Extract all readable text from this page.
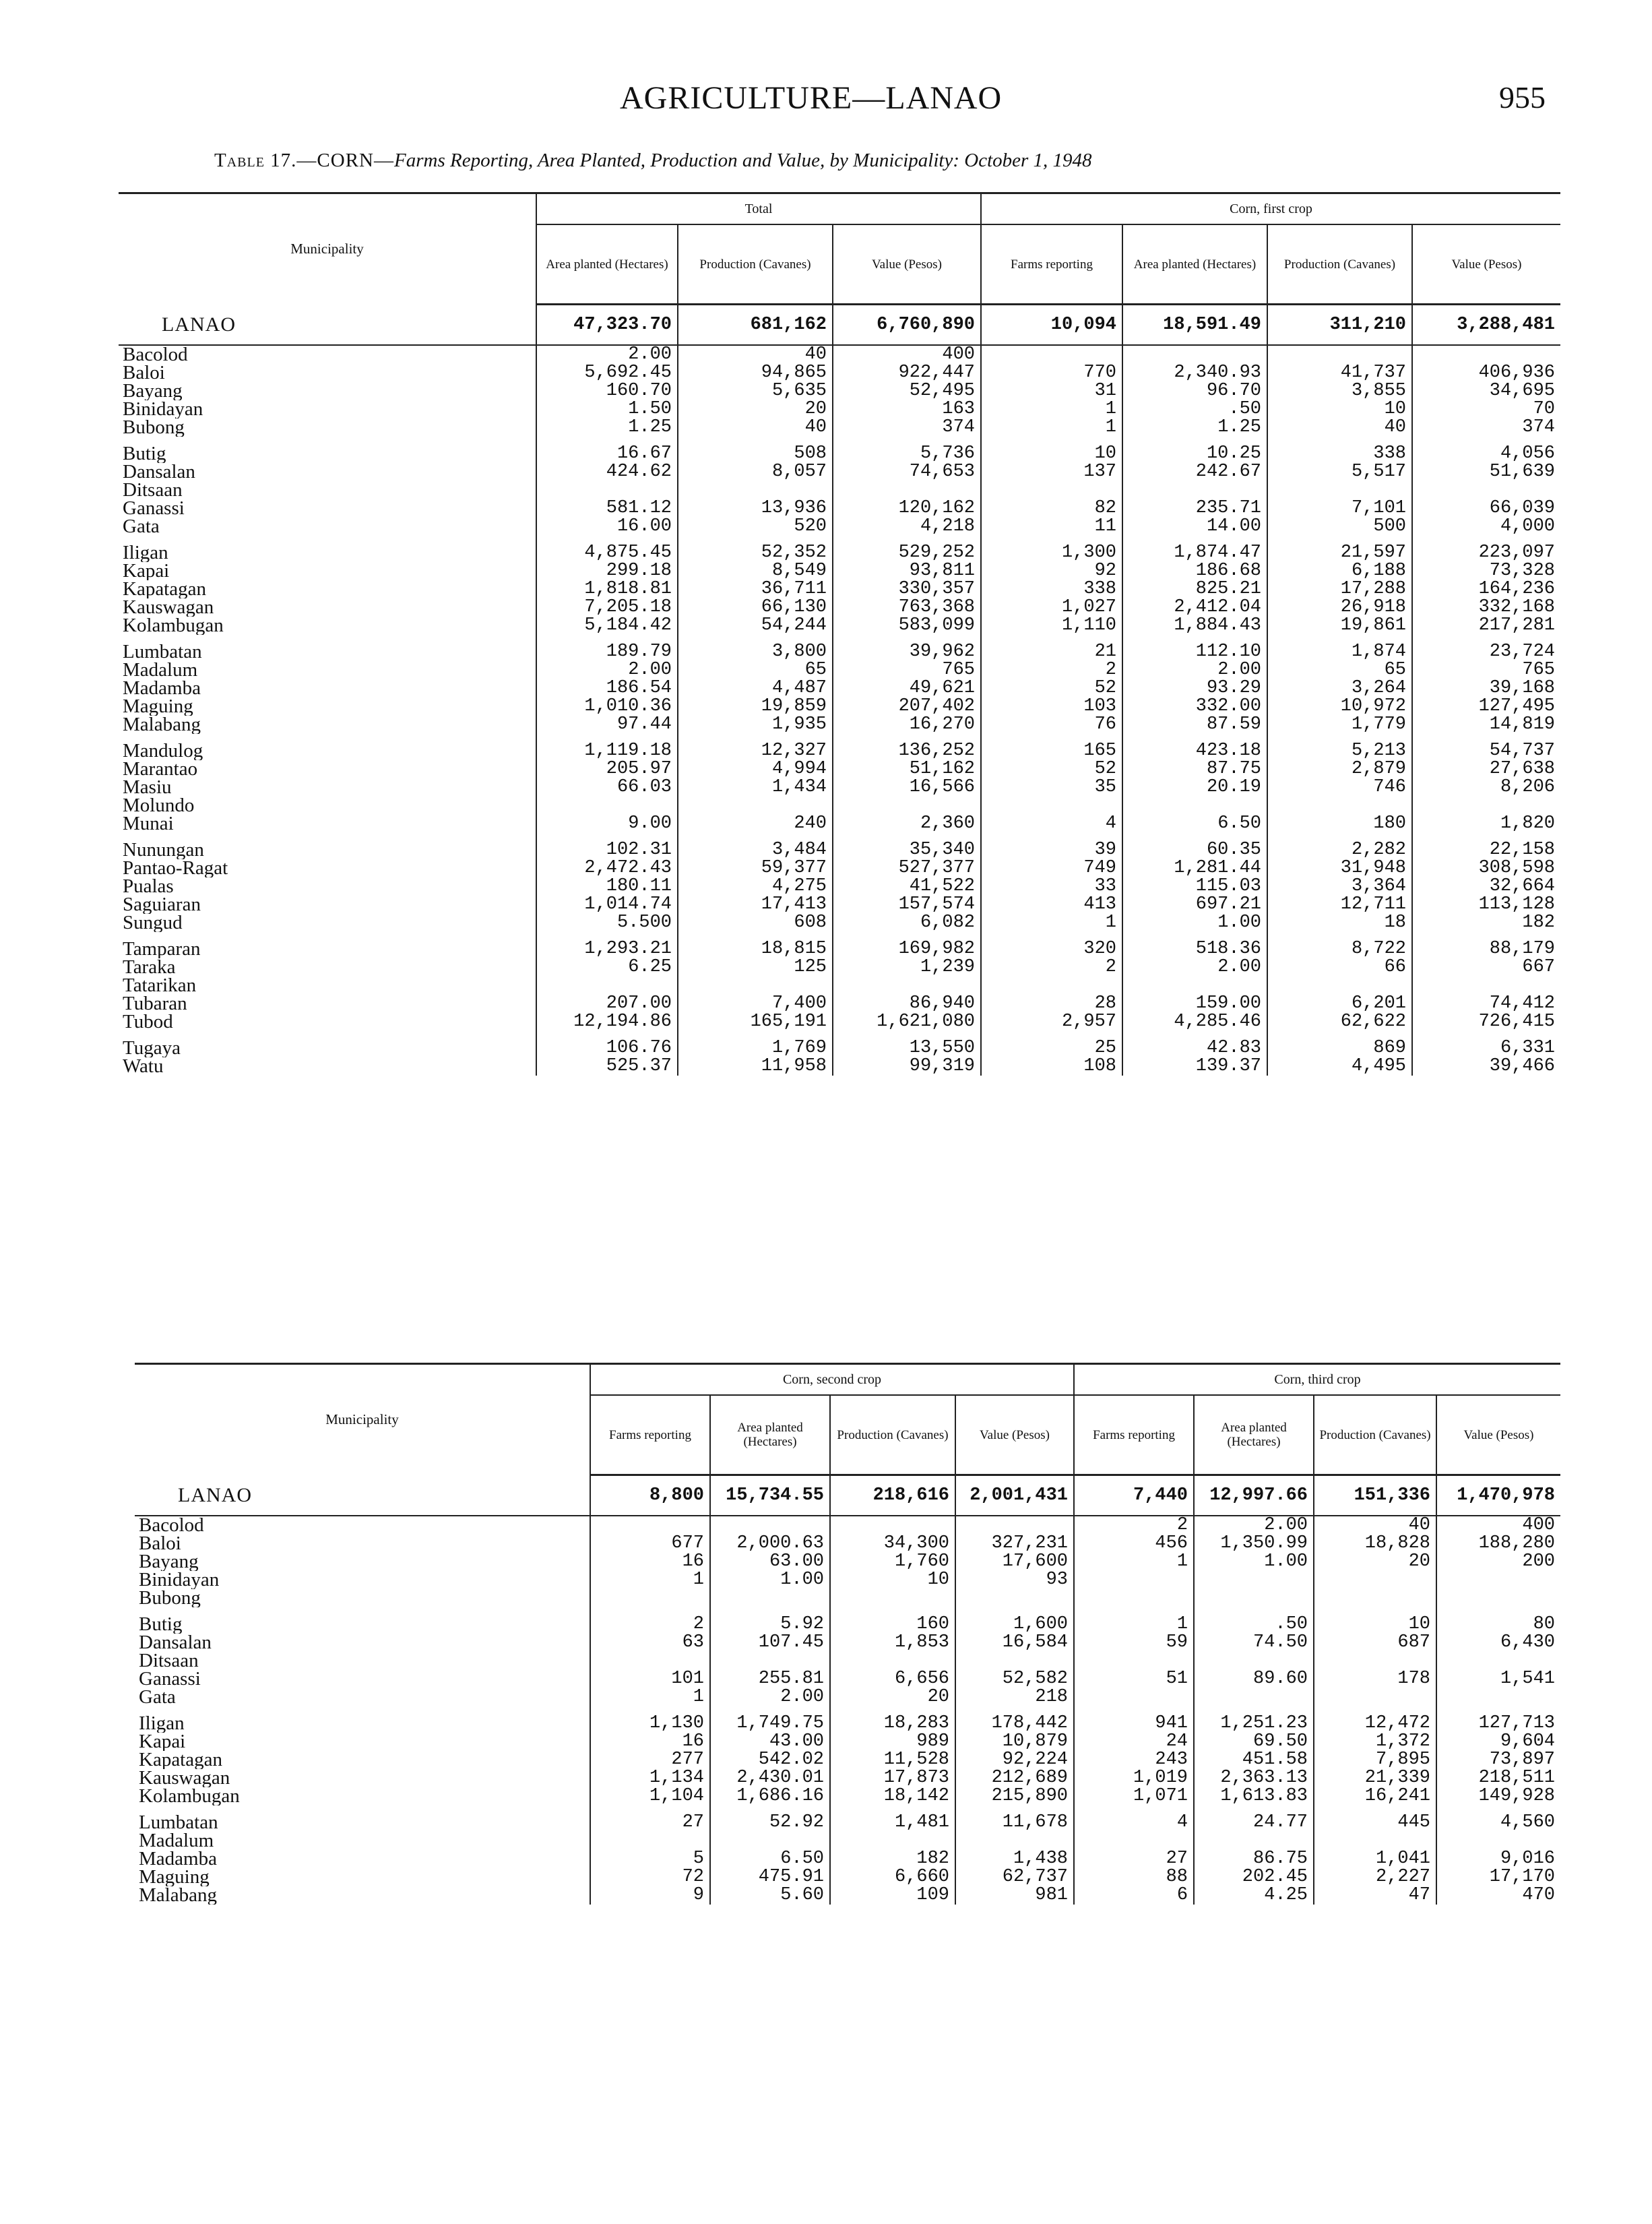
AGRICULTURE—LANAO	955
Table 17.—CORN—Farms Reporting, Area Planted, Production and Value, by Municipality: October 1, 1948
Municipality	Total			Corn, first crop			
	Area planted (Hectares)	Production (Cavanes)	Value (Pesos)	Farms reporting	Area planted (Hectares)	Production (Cavanes)	Value (Pesos)
LANAO	47,323.70	681,162	6,760,890	10,094	18,591.49	311,210	3,288,481
Bacolod	2.00	40	400				
Baloi	5,692.45	94,865	922,447	770	2,340.93	41,737	406,936
Bayang	160.70	5,635	52,495	31	96.70	3,855	34,695
Binidayan	1.50	20	163	1	.50	10	70
Bubong	1.25	40	374	1	1.25	40	374

Butig	16.67	508	5,736	10	10.25	338	4,056
Dansalan	424.62	8,057	74,653	137	242.67	5,517	51,639
Ditsaan							
Ganassi	581.12	13,936	120,162	82	235.71	7,101	66,039
Gata	16.00	520	4,218	11	14.00	500	4,000

Iligan	4,875.45	52,352	529,252	1,300	1,874.47	21,597	223,097
Kapai	299.18	8,549	93,811	92	186.68	6,188	73,328
Kapatagan	1,818.81	36,711	330,357	338	825.21	17,288	164,236
Kauswagan	7,205.18	66,130	763,368	1,027	2,412.04	26,918	332,168
Kolambugan	5,184.42	54,244	583,099	1,110	1,884.43	19,861	217,281

Lumbatan	189.79	3,800	39,962	21	112.10	1,874	23,724
Madalum	2.00	65	765	2	2.00	65	765
Madamba	186.54	4,487	49,621	52	93.29	3,264	39,168
Maguing	1,010.36	19,859	207,402	103	332.00	10,972	127,495
Malabang	97.44	1,935	16,270	76	87.59	1,779	14,819

Mandulog	1,119.18	12,327	136,252	165	423.18	5,213	54,737
Marantao	205.97	4,994	51,162	52	87.75	2,879	27,638
Masiu	66.03	1,434	16,566	35	20.19	746	8,206
Molundo							
Munai	9.00	240	2,360	4	6.50	180	1,820

Nunungan	102.31	3,484	35,340	39	60.35	2,282	22,158
Pantao-Ragat	2,472.43	59,377	527,377	749	1,281.44	31,948	308,598
Pualas	180.11	4,275	41,522	33	115.03	3,364	32,664
Saguiaran	1,014.74	17,413	157,574	413	697.21	12,711	113,128
Sungud	5.500	608	6,082	1	1.00	18	182

Tamparan	1,293.21	18,815	169,982	320	518.36	8,722	88,179
Taraka	6.25	125	1,239	2	2.00	66	667
Tatarikan							
Tubaran	207.00	7,400	86,940	28	159.00	6,201	74,412
Tubod	12,194.86	165,191	1,621,080	2,957	4,285.46	62,622	726,415

Tugaya	106.76	1,769	13,550	25	42.83	869	6,331
Watu	525.37	11,958	99,319	108	139.37	4,495	39,466
Municipality	Corn, second crop				Corn, third crop			
	Farms reporting	Area planted (Hectares)	Production (Cavanes)	Value (Pesos)	Farms reporting	Area planted (Hectares)	Production (Cavanes)	Value (Pesos)
LANAO	8,800	15,734.55	218,616	2,001,431	7,440	12,997.66	151,336	1,470,978
Bacolod					2	2.00	40	400
Baloi	677	2,000.63	34,300	327,231	456	1,350.99	18,828	188,280
Bayang	16	63.00	1,760	17,600	1	1.00	20	200
Binidayan	1	1.00	10	93				
Bubong								

Butig	2	5.92	160	1,600	1	.50	10	80
Dansalan	63	107.45	1,853	16,584	59	74.50	687	6,430
Ditsaan								
Ganassi	101	255.81	6,656	52,582	51	89.60	178	1,541
Gata	1	2.00	20	218				

Iligan	1,130	1,749.75	18,283	178,442	941	1,251.23	12,472	127,713
Kapai	16	43.00	989	10,879	24	69.50	1,372	9,604
Kapatagan	277	542.02	11,528	92,224	243	451.58	7,895	73,897
Kauswagan	1,134	2,430.01	17,873	212,689	1,019	2,363.13	21,339	218,511
Kolambugan	1,104	1,686.16	18,142	215,890	1,071	1,613.83	16,241	149,928

Lumbatan	27	52.92	1,481	11,678	4	24.77	445	4,560
Madalum								
Madamba	5	6.50	182	1,438	27	86.75	1,041	9,016
Maguing	72	475.91	6,660	62,737	88	202.45	2,227	17,170
Malabang	9	5.60	109	981	6	4.25	47	470
